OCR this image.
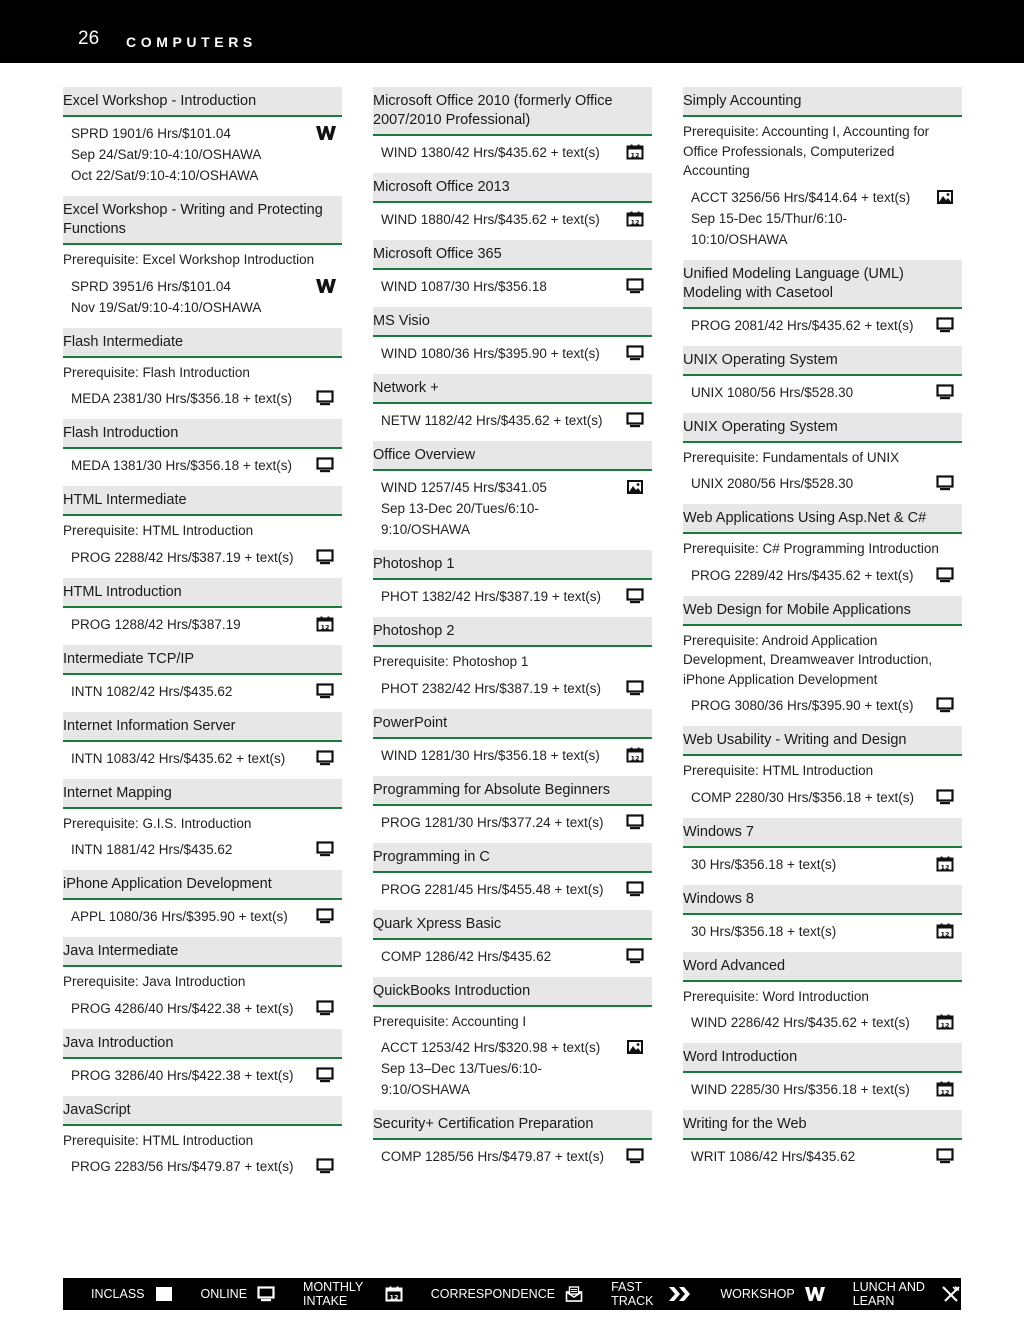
26 COMPUTERS
Excel Workshop - Introduction
SPRD 1901/6 Hrs/$101.04
Sep 24/Sat/9:10-4:10/OSHAWA
Oct 22/Sat/9:10-4:10/OSHAWA
Excel Workshop - Writing and Protecting Functions
Prerequisite: Excel Workshop Introduction
SPRD 3951/6 Hrs/$101.04
Nov 19/Sat/9:10-4:10/OSHAWA
Flash Intermediate
Prerequisite: Flash Introduction
MEDA 2381/30 Hrs/$356.18 + text(s)
Flash Introduction
MEDA 1381/30 Hrs/$356.18 + text(s)
HTML Intermediate
Prerequisite: HTML Introduction
PROG 2288/42 Hrs/$387.19 + text(s)
HTML Introduction
PROG 1288/42 Hrs/$387.19	12
Intermediate TCP/IP
INTN 1082/42 Hrs/$435.62
Internet Information Server
INTN 1083/42 Hrs/$435.62 + text(s)
Internet Mapping
Prerequisite: G.I.S. Introduction
INTN 1881/42 Hrs/$435.62
iPhone Application Development
APPL 1080/36 Hrs/$395.90 + text(s)
Java Intermediate
Prerequisite: Java Introduction
PROG 4286/40 Hrs/$422.38 + text(s)
Java Introduction
PROG 3286/40 Hrs/$422.38 + text(s)
JavaScript
Prerequisite: HTML Introduction
PROG 2283/56 Hrs/$479.87 + text(s)
Microsoft Office 2010 (formerly Office 2007/2010 Professional)
WIND 1380/42 Hrs/$435.62 + text(s)	12
Microsoft Office 2013
WIND 1880/42 Hrs/$435.62 + text(s)	12
Microsoft Office 365
WIND 1087/30 Hrs/$356.18
MS Visio
WIND 1080/36 Hrs/$395.90 + text(s)
Network +
NETW 1182/42 Hrs/$435.62 + text(s)
Office Overview
WIND 1257/45 Hrs/$341.05
Sep 13-Dec 20/Tues/6:10-9:10/OSHAWA
Photoshop 1
PHOT 1382/42 Hrs/$387.19 + text(s)
Photoshop 2
Prerequisite: Photoshop 1
PHOT 2382/42 Hrs/$387.19 + text(s)
PowerPoint
WIND 1281/30 Hrs/$356.18 + text(s)	12
Programming for Absolute Beginners
PROG 1281/30 Hrs/$377.24 + text(s)
Programming in C
PROG 2281/45 Hrs/$455.48 + text(s)
Quark Xpress Basic
COMP 1286/42 Hrs/$435.62
QuickBooks Introduction
Prerequisite: Accounting I
ACCT 1253/42 Hrs/$320.98 + text(s)
Sep 13–Dec 13/Tues/6:10-9:10/OSHAWA
Security+ Certification Preparation
COMP 1285/56 Hrs/$479.87 + text(s)
Simply Accounting
Prerequisite: Accounting I, Accounting for Office Professionals, Computerized Accounting
ACCT 3256/56 Hrs/$414.64 + text(s)
Sep 15-Dec 15/Thur/6:10-10:10/OSHAWA
Unified Modeling Language (UML) Modeling with Casetool
PROG 2081/42 Hrs/$435.62 + text(s)
UNIX Operating System
UNIX 1080/56 Hrs/$528.30
UNIX Operating System
Prerequisite: Fundamentals of UNIX
UNIX 2080/56 Hrs/$528.30
Web Applications Using Asp.Net & C#
Prerequisite: C# Programming Introduction
PROG 2289/42 Hrs/$435.62 + text(s)
Web Design for Mobile Applications
Prerequisite: Android Application Development, Dreamweaver Introduction, iPhone Application Development
PROG 3080/36 Hrs/$395.90 + text(s)
Web Usability - Writing and Design
Prerequisite: HTML Introduction
COMP 2280/30 Hrs/$356.18 + text(s)
Windows 7
30 Hrs/$356.18 + text(s)	12
Windows 8
30 Hrs/$356.18 + text(s)	12
Word Advanced
Prerequisite: Word Introduction
WIND 2286/42 Hrs/$435.62 + text(s)	12
Word Introduction
WIND 2285/30 Hrs/$356.18 + text(s)	12
Writing for the Web
WRIT 1086/42 Hrs/$435.62
INCLASS	ONLINE	MONTHLY INTAKE	12	CORRESPONDENCE	FAST TRACK	WORKSHOP	LUNCH AND LEARN
